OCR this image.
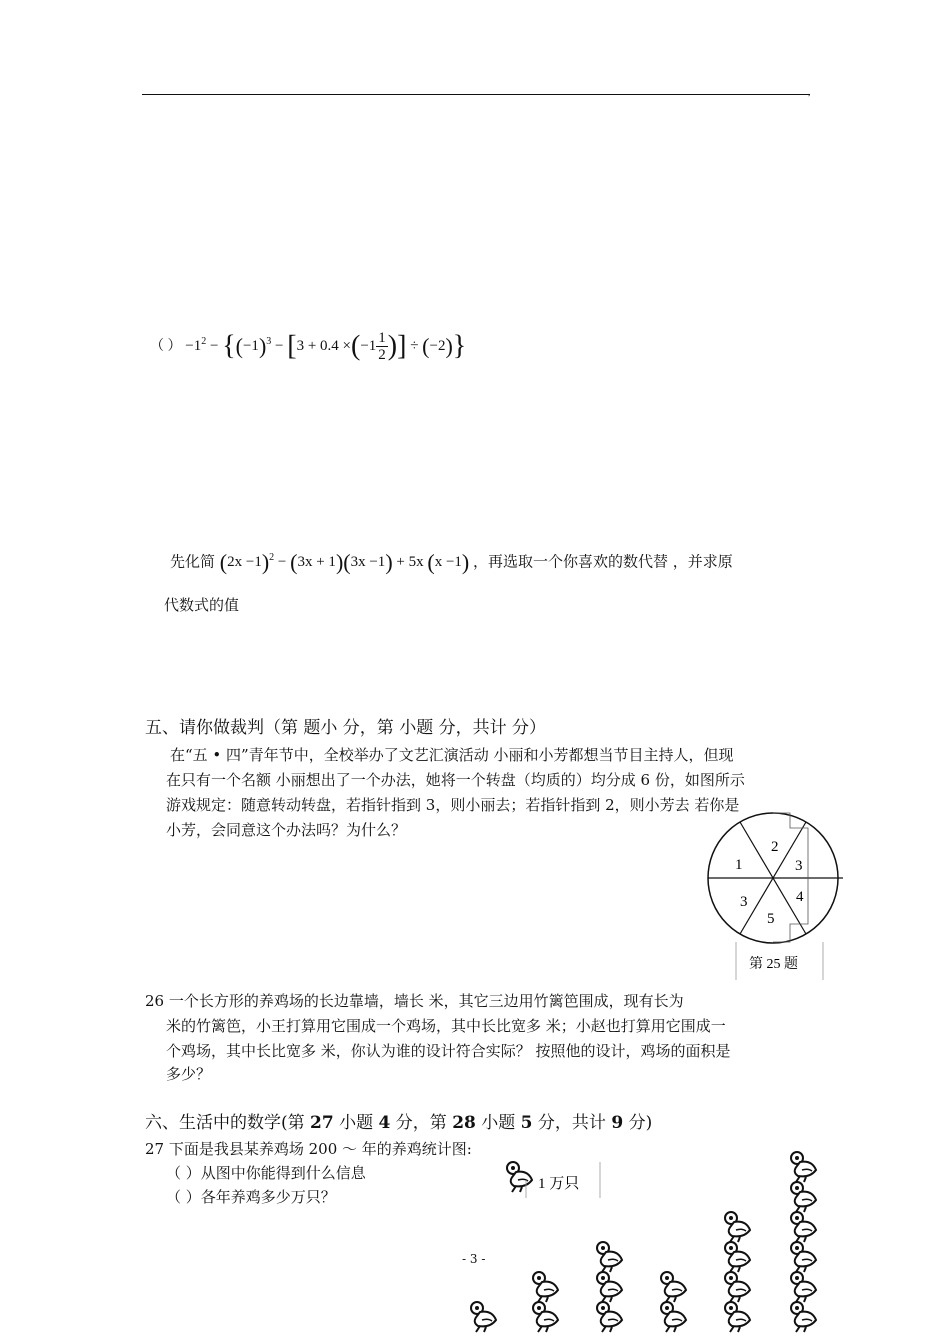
,
（ ） $-1^2 - \{(-1)^3 - [3 + 0.4 \times(-1 \frac{1}{2}$ )] ÷ (−2)}
先化简 $(2x -1)^2 - (3x + 1)(3x -1) + 5x$ (x −1) ，再选取一个你喜欢的数代替 ，并求原
代数式的值
五、请你做裁判（第 题小 分，第 小题 分，共计 分）
在“五 • 四”青年节中，全校举办了文艺汇演活动 小丽和小芳都想当节目主持人，但现
在只有一个名额 小丽想出了一个办法，她将一个转盘（均质的）均分成 6 份，如图所示
游戏规定：随意转动转盘，若指针指到 3，则小丽去；若指针指到 2，则小芳去 若你是
小芳，会同意这个办法吗？为什么？
1
2
3
4
5
3
第 25 题
26 一个长方形的养鸡场的长边靠墙，墙长 米，其它三边用竹篱笆围成，现有长为
米的竹篱笆，小王打算用它围成一个鸡场，其中长比宽多 米；小赵也打算用它围成一
个鸡场，其中长比宽多 米，你认为谁的设计符合实际？ 按照他的设计，鸡场的面积是
多少？
六、生活中的数学(第 27 小题 4 分，第 28 小题 5 分，共计 9 分)
27 下面是我县某养鸡场 200 ～ 年的养鸡统计图:
（ ）从图中你能得到什么信息
（ ）各年养鸡多少万只？
1 万只
- 3 -
